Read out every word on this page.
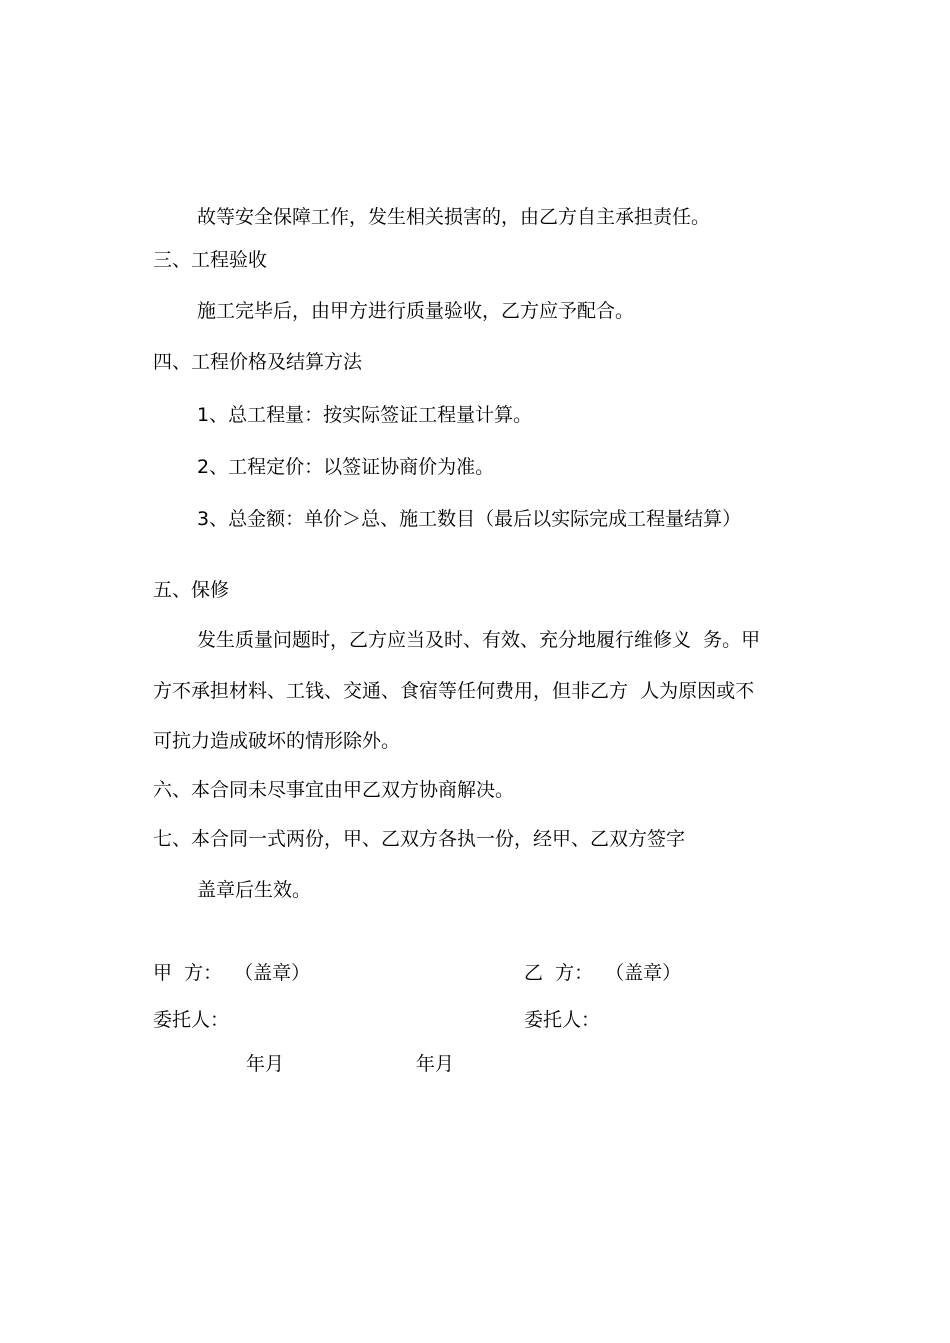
故等安全保障工作，发生相关损害的，由乙方自主承担责任。

三、工程验收

施工完毕后，由甲方进行质量验收，乙方应予配合。

四、工程价格及结算方法

1、总工程量：按实际签证工程量计算。

2、工程定价：以签证协商价为准。

3、总金额：单价＞总、施工数目（最后以实际完成工程量结算）

五、保修

发生质量问题时，乙方应当及时、有效、充分地履行维修义  务。甲

方不承担材料、工钱、交通、食宿等任何费用，但非乙方  人为原因或不

可抗力造成破坏的情形除外。

六、本合同未尽事宜由甲乙双方协商解决。

七、本合同一式两份，甲、乙双方各执一份，经甲、乙双方签字

盖章后生效。

甲  方：  （盖章）	乙  方：  （盖章）

委托人：	委托人：

年月	年月
